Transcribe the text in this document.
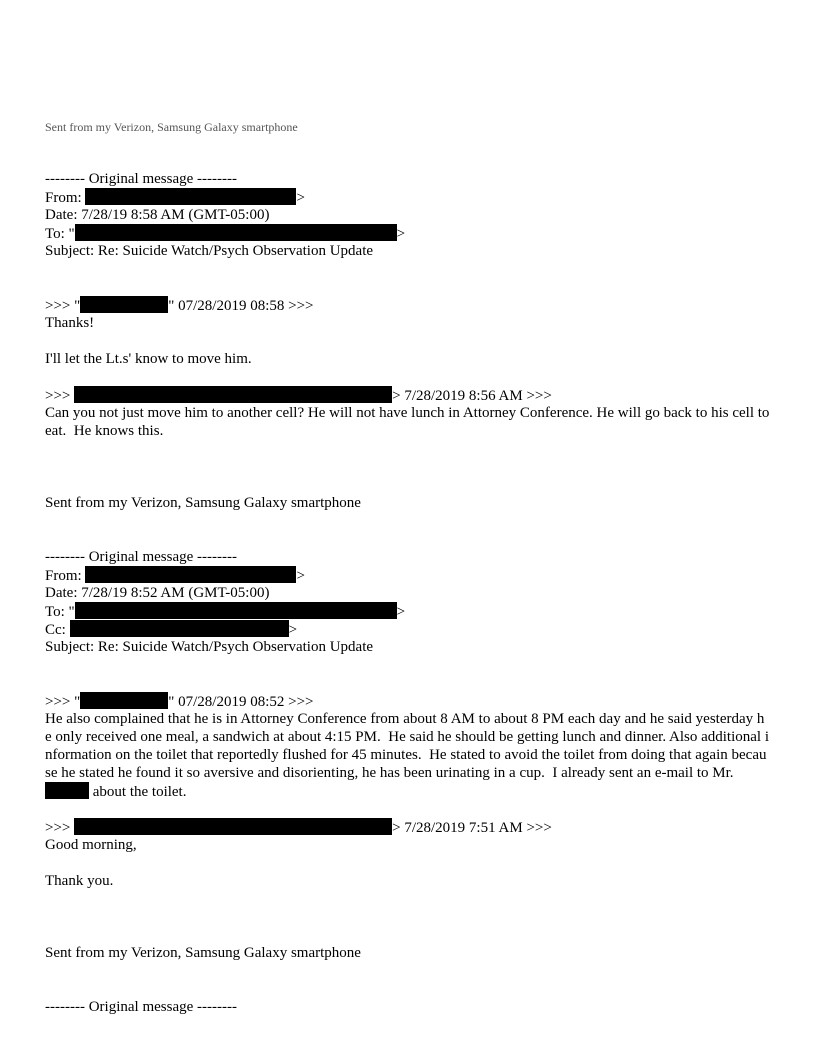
Sent from my Verizon, Samsung Galaxy smartphone
-------- Original message --------
From:	>
Date: 7/28/19 8:58 AM (GMT-05:00)
To: "	>
Subject: Re: Suicide Watch/Psych Observation Update
>>> "	" 07/28/2019 08:58 >>>
Thanks!
I'll let the Lt.s' know to move him.
>>>	> 7/28/2019 8:56 AM >>>
Can you not just move him to another cell? He will not have lunch in Attorney Conference. He will go back to his cell to eat.  He knows this.
Sent from my Verizon, Samsung Galaxy smartphone
-------- Original message --------
From:	>
Date: 7/28/19 8:52 AM (GMT-05:00)
To: "	>
Cc:	>
Subject: Re: Suicide Watch/Psych Observation Update
>>> "	" 07/28/2019 08:52 >>>
He also complained that he is in Attorney Conference from about 8 AM to about 8 PM each day and he said yesterday he only received one meal, a sandwich at about 4:15 PM.  He said he should be getting lunch and dinner. Also additional information on the toilet that reportedly flushed for 45 minutes.  He stated to avoid the toilet from doing that again because he stated he found it so aversive and disorienting, he has been urinating in a cup.  I already sent an e-mail to Mr.  about the toilet.
>>>	> 7/28/2019 7:51 AM >>>
Good morning,
Thank you.
Sent from my Verizon, Samsung Galaxy smartphone
-------- Original message --------
